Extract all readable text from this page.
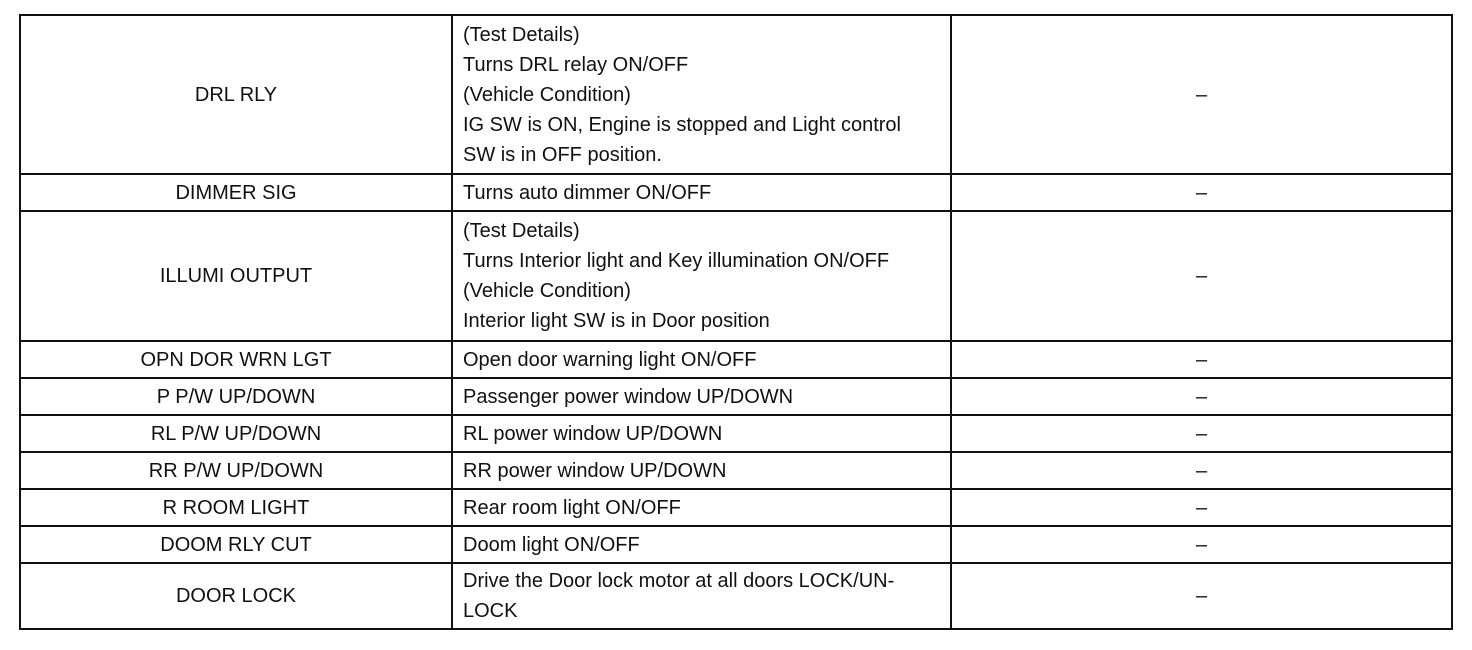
DRL RLY	(Test Details)
Turns DRL relay ON/OFF
(Vehicle Condition)
IG SW is ON, Engine is stopped and Light control
SW is in OFF position.	–
DIMMER SIG	Turns auto dimmer ON/OFF	–
ILLUMI OUTPUT	(Test Details)
Turns Interior light and Key illumination ON/OFF
(Vehicle Condition)
Interior light SW is in Door position	–
OPN DOR WRN LGT	Open door warning light ON/OFF	–
P P/W UP/DOWN	Passenger power window UP/DOWN	–
RL P/W UP/DOWN	RL power window UP/DOWN	–
RR P/W UP/DOWN	RR power window UP/DOWN	–
R ROOM LIGHT	Rear room light ON/OFF	–
DOOM RLY CUT	Doom light ON/OFF	–
DOOR LOCK	Drive the Door lock motor at all doors LOCK/UN-
LOCK	–
